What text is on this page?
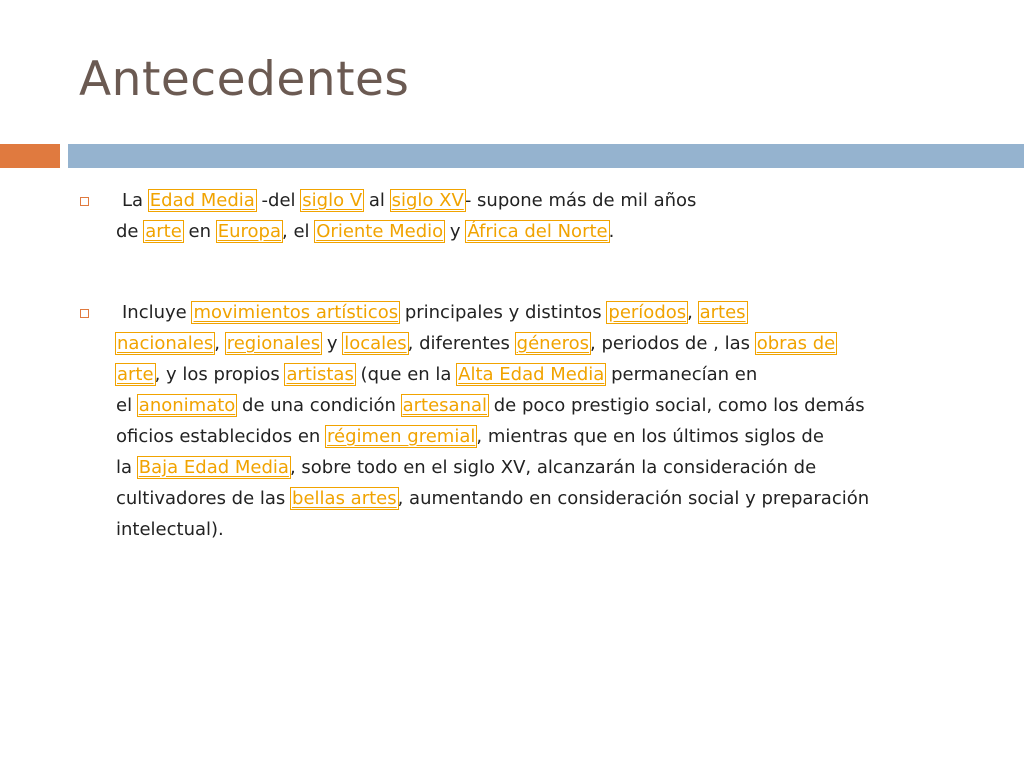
Antecedentes
La Edad Media -del siglo V al siglo XV- supone más de mil años
de arte en Europa, el Oriente Medio y África del Norte.
Incluye movimientos artísticos principales y distintos períodos, artes
nacionales, regionales y locales, diferentes géneros, periodos de , las obras de
arte, y los propios artistas (que en la Alta Edad Media permanecían en
el anonimato de una condición artesanal de poco prestigio social, como los demás
oficios establecidos en régimen gremial, mientras que en los últimos siglos de
la Baja Edad Media, sobre todo en el siglo XV, alcanzarán la consideración de
cultivadores de las bellas artes, aumentando en consideración social y preparación
intelectual).
